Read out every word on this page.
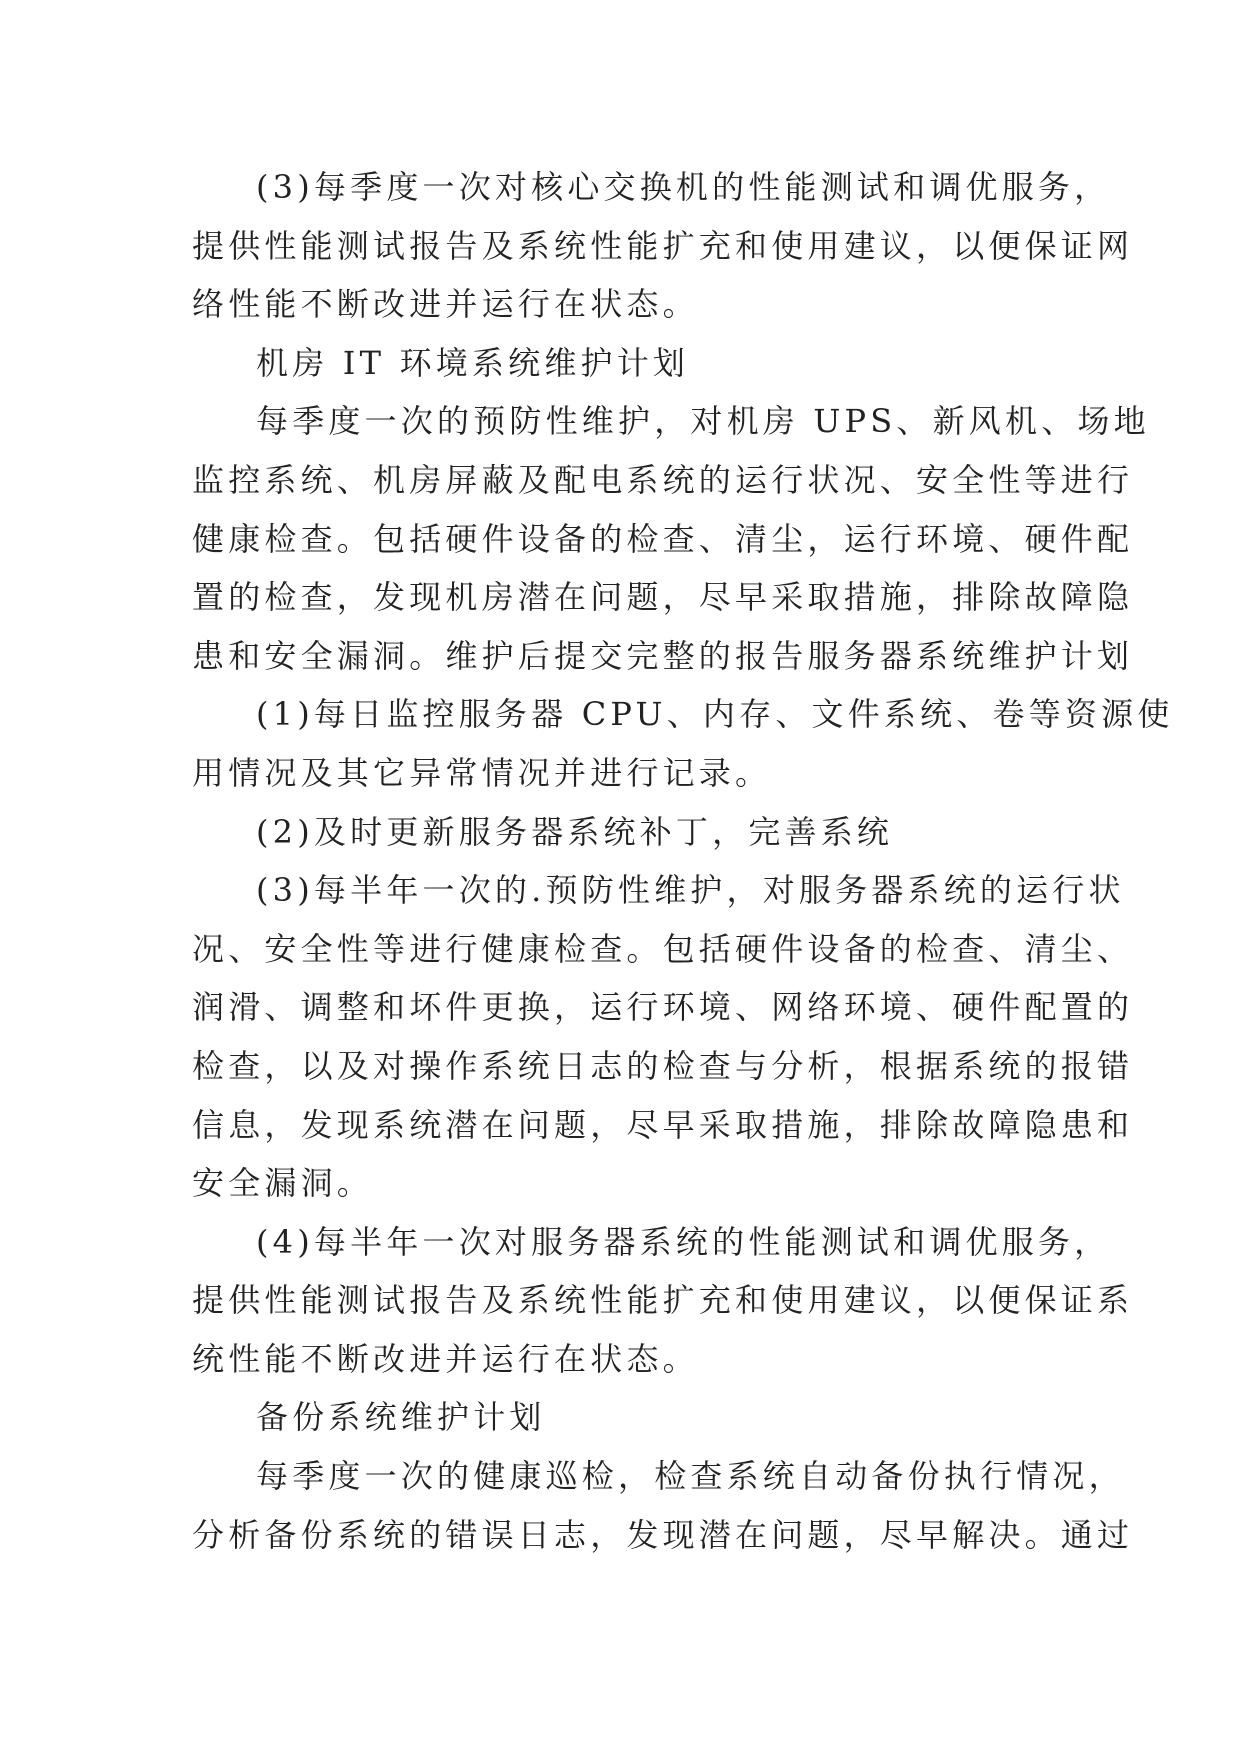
(3)每季度一次对核心交换机的性能测试和调优服务，
提供性能测试报告及系统性能扩充和使用建议，以便保证网
络性能不断改进并运行在状态。
机房 IT 环境系统维护计划
每季度一次的预防性维护，对机房 UPS、新风机、场地
监控系统、机房屏蔽及配电系统的运行状况、安全性等进行
健康检查。包括硬件设备的检查、清尘，运行环境、硬件配
置的检查，发现机房潜在问题，尽早采取措施，排除故障隐
患和安全漏洞。维护后提交完整的报告服务器系统维护计划
(1)每日监控服务器 CPU、内存、文件系统、卷等资源使
用情况及其它异常情况并进行记录。
(2)及时更新服务器系统补丁，完善系统
(3)每半年一次的.预防性维护，对服务器系统的运行状
况、安全性等进行健康检查。包括硬件设备的检查、清尘、
润滑、调整和坏件更换，运行环境、网络环境、硬件配置的
检查，以及对操作系统日志的检查与分析，根据系统的报错
信息，发现系统潜在问题，尽早采取措施，排除故障隐患和
安全漏洞。
(4)每半年一次对服务器系统的性能测试和调优服务，
提供性能测试报告及系统性能扩充和使用建议，以便保证系
统性能不断改进并运行在状态。
备份系统维护计划
每季度一次的健康巡检，检查系统自动备份执行情况，
分析备份系统的错误日志，发现潜在问题，尽早解决。通过
